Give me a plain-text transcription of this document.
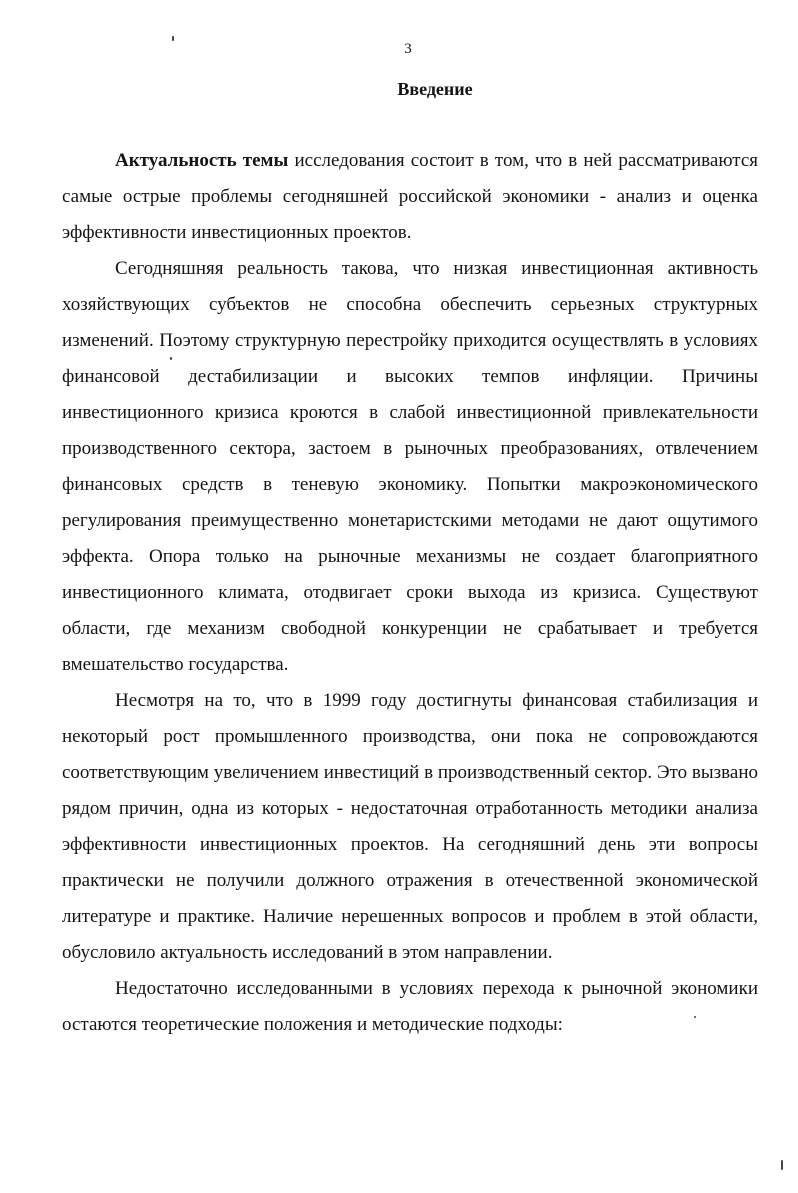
3
Введение

Актуальность темы исследования состоит в том, что в ней рассматриваются самые острые проблемы сегодняшней российской экономики - анализ и оценка эффективности инвестиционных проектов.

Сегодняшняя реальность такова, что низкая инвестиционная активность хозяйствующих субъектов не способна обеспечить серьезных структурных изменений. Поэтому структурную перестройку приходится осуществлять в условиях финансовой дестабилизации и высоких темпов инфляции. Причины инвестиционного кризиса кроются в слабой инвестиционной привлекательности производственного сектора, застоем в рыночных преобразованиях, отвлечением финансовых средств в теневую экономику. Попытки макроэкономического регулирования преимущественно монетаристскими методами не дают ощутимого эффекта. Опора только на рыночные механизмы не создает благоприятного инвестиционного климата, отодвигает сроки выхода из кризиса. Существуют области, где механизм свободной конкуренции не срабатывает и требуется вмешательство государства.

Несмотря на то, что в 1999 году достигнуты финансовая стабилизация и некоторый рост промышленного производства, они пока не сопровождаются соответствующим увеличением инвестиций в производственный сектор. Это вызвано рядом причин, одна из которых - недостаточная отработанность методики анализа эффективности инвестиционных проектов. На сегодняшний день эти вопросы практически не получили должного отражения в отечественной экономической литературе и практике. Наличие нерешенных вопросов и проблем в этой области, обусловило актуальность исследований в этом направлении.

Недостаточно исследованными в условиях перехода к рыночной экономики остаются теоретические положения и методические подходы:
